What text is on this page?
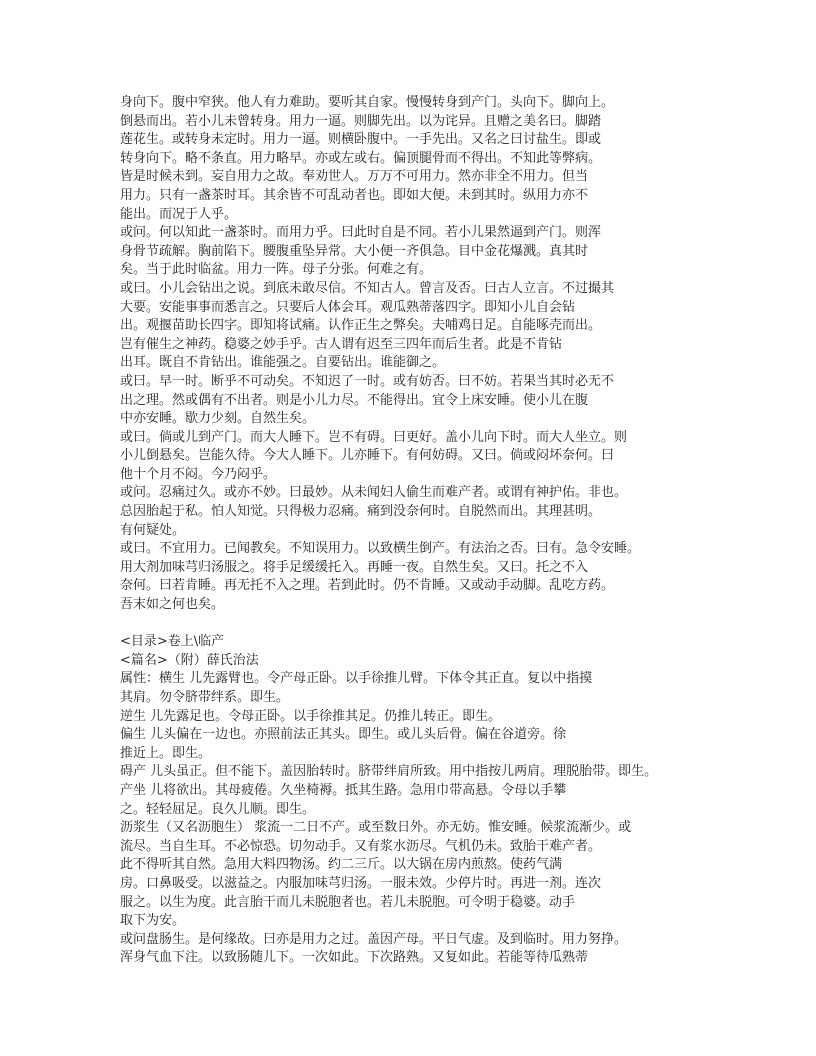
身向下。腹中窄狭。他人有力难助。要听其自家。慢慢转身到产门。头向下。脚向上。
倒悬而出。若小儿未曾转身。用力一逼。则脚先出。以为诧异。且赠之美名曰。脚踏
莲花生。或转身未定时。用力一逼。则横卧腹中。一手先出。又名之曰讨盐生。即或
转身向下。略不条直。用力略早。亦或左或右。偏顶腿骨而不得出。不知此等弊病。
皆是时候未到。妄自用力之故。奉劝世人。万万不可用力。然亦非全不用力。但当
用力。只有一盏茶时耳。其余皆不可乱动者也。即如大便。未到其时。纵用力亦不
能出。而况于人乎。
或问。何以知此一盏茶时。而用力乎。曰此时自是不同。若小儿果然逼到产门。则浑
身骨节疏解。胸前陷下。腰腹重坠异常。大小便一齐俱急。目中金花爆溅。真其时
矣。当于此时临盆。用力一阵。母子分张。何难之有。
或曰。小儿会钻出之说。到底未敢尽信。不知古人。曾言及否。曰古人立言。不过撮其
大要。安能事事而悉言之。只要后人体会耳。观瓜熟蒂落四字。即知小儿自会钻
出。观揠苗助长四字。即知将试痛。认作正生之弊矣。夫哺鸡日足。自能啄壳而出。
岂有催生之神药。稳婆之妙手乎。古人谓有迟至三四年而后生者。此是不肯钻
出耳。既自不肯钻出。谁能强之。自要钻出。谁能御之。
或曰。早一时。断乎不可动矣。不知迟了一时。或有妨否。曰不妨。若果当其时必无不
出之理。然或偶有不出者。则是小儿力尽。不能得出。宜令上床安睡。使小儿在腹
中亦安睡。歇力少刻。自然生矣。
或曰。倘或儿到产门。而大人睡下。岂不有碍。曰更好。盖小儿向下时。而大人坐立。则
小儿倒悬矣。岂能久待。今大人睡下。儿亦睡下。有何妨碍。又曰。倘或闷坏奈何。曰
他十个月不闷。今乃闷乎。
或问。忍痛过久。或亦不妙。曰最妙。从未闻妇人偷生而难产者。或谓有神护佑。非也。
总因胎起于私。怕人知觉。只得极力忍痛。痛到没奈何时。自脱然而出。其理甚明。
有何疑处。
或曰。不宜用力。已闻教矣。不知误用力。以致横生倒产。有法治之否。曰有。急令安睡。
用大剂加味芎归汤服之。将手足缓缓托入。再睡一夜。自然生矣。又曰。托之不入
奈何。曰若肯睡。再无托不入之理。若到此时。仍不肯睡。又或动手动脚。乱吃方药。
吾末如之何也矣。
<目录>卷上\临产
<篇名>（附）薛氏治法
属性：横生 儿先露臂也。令产母正卧。以手徐推儿臂。下体令其正直。复以中指摸
其肩。勿令脐带绊系。即生。
逆生 儿先露足也。令母正卧。以手徐推其足。仍推儿转正。即生。
偏生 儿头偏在一边也。亦照前法正其头。即生。或儿头后骨。偏在谷道旁。徐
推近上。即生。
碍产 儿头虽正。但不能下。盖因胎转时。脐带绊肩所致。用中指按儿两肩。理脱胎带。即生。
产坐 儿将欲出。其母疲倦。久坐椅褥。抵其生路。急用巾带高悬。令母以手攀
之。轻轻屈足。良久儿顺。即生。
沥浆生（又名沥胞生） 浆流一二日不产。或至数日外。亦无妨。惟安睡。候浆流渐少。或
流尽。当自生耳。不必惊恐。切勿动手。又有浆水沥尽。气机仍未。致胎干难产者。
此不得听其自然。急用大料四物汤。约二三斤。以大锅在房内煎熬。使药气满
房。口鼻吸受。以滋益之。内服加味芎归汤。一服未效。少停片时。再进一剂。连次
服之。以生为度。此言胎干而儿未脱胞者也。若儿未脱胞。可令明于稳婆。动手
取下为安。
或问盘肠生。是何缘故。曰亦是用力之过。盖因产母。平日气虚。及到临时。用力努挣。
浑身气血下注。以致肠随儿下。一次如此。下次路熟。又复如此。若能等待瓜熟蒂
